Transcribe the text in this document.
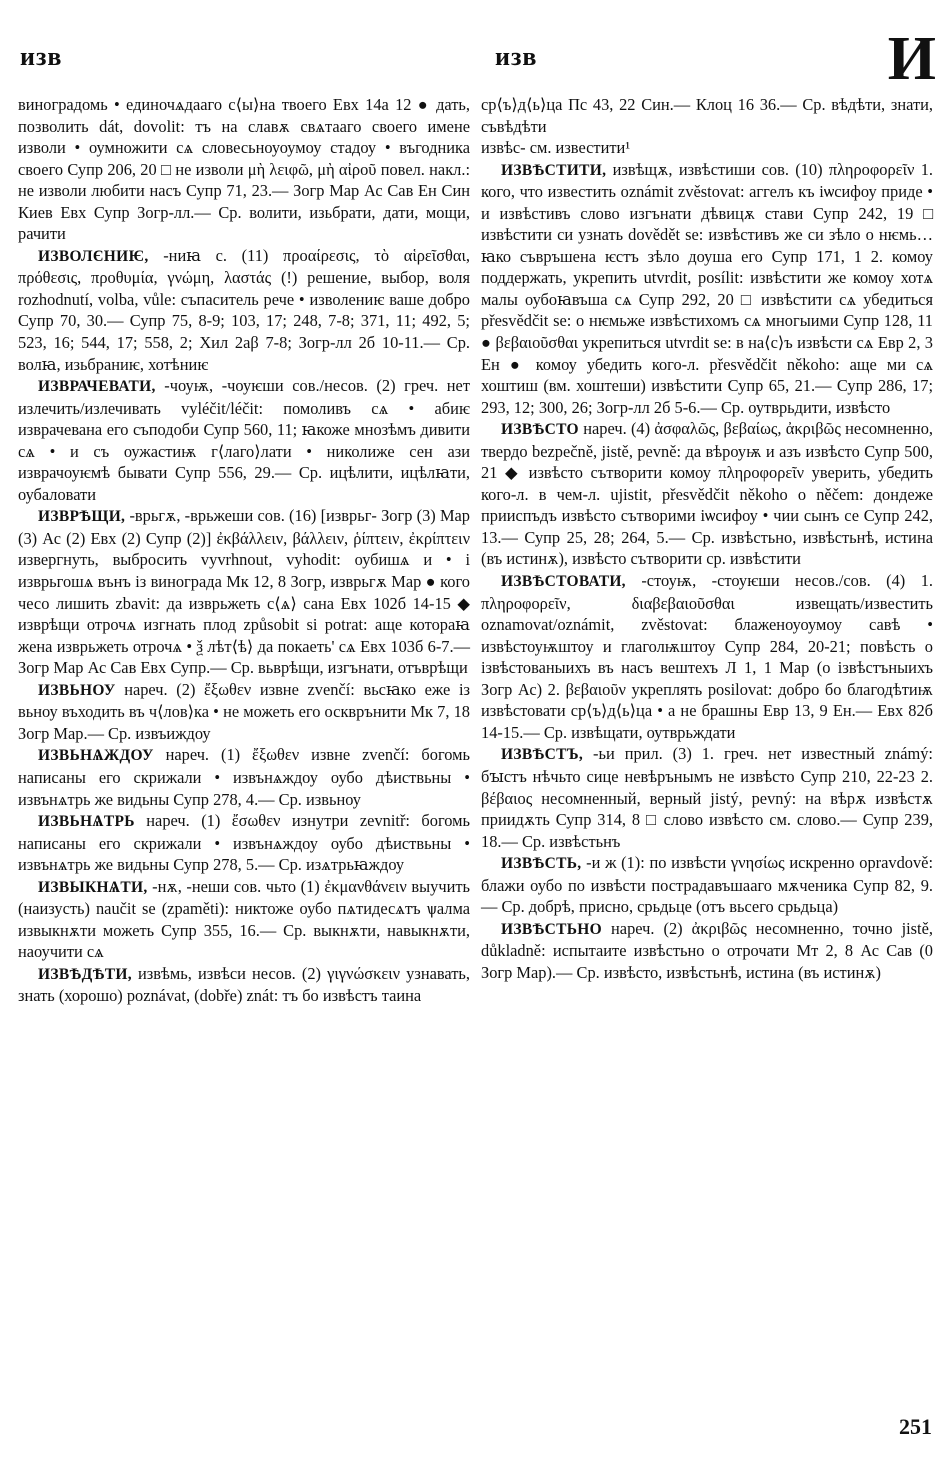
изв	изв	И

виноградомь • единочѧдааго с⟨ы⟩на твоего Евх 14а 12 ● дать, позволить dát, dovolit: тъ на славѫ свѧтааго своего имене изволи • оумножити сѧ словесьноуоумоу стадоу • въгодника своего Супр 206, 20 □ не изволи μὴ λειφῶ, μὴ αἰροῦ повел. накл.: не изволи любити насъ Супр 71, 23.— Зогр Мар Ас Сав Ен Син Киев Евх Супр Зогр-лл.— Ср. волити, изьбрати, дати, мощи, рачити

ИЗВОЛЄНИѤ, -ниꙗ с. (11) προαίρεσις, τὸ αἱρεῖσθαι, πρόθεσις, προθυμία, γνώμη, λαστάς (!) решение, выбор, воля rozhodnutí, volba, vůle: съпаситель рече • изволениѥ ваше добро Супр 70, 30.— Супр 75, 8-9; 103, 17; 248, 7-8; 371, 11; 492, 5; 523, 16; 544, 17; 558, 2; Хил 2аβ 7-8; Зогр-лл 2б 10-11.— Ср. волꙗ, изьбраниѥ, хотѣниѥ

ИЗВРАЧЕВАТИ, -чоуѭ, -чоуѥши сов./несов. (2) греч. нет излечить/излечивать vyléčit/léčit: помоливъ сѧ • абиѥ изврачевана его съподоби Супр 560, 11; ꙗкоже мнозѣмъ дивити сѧ • и съ оужастиѭ г⟨лаго⟩лати • николиже сен ази изврачоуѥмѣ бывати Супр 556, 29.— Ср. ицѣлити, ицѣлꙗти, оубаловати

ИЗВРѢЩИ, -врьгѫ, -врьжеши сов. (16) [изврьг- Зогр (3) Мар (3) Ас (2) Евх (2) Супр (2)] ἐκβάλλειν, βάλλειν, ῥίπτειν, ἐκρίπτειν извергнуть, выбросить vyvrhnout, vyhodit: оубишѧ и • і изврьгошѧ вънъ із винограда Мк 12, 8 Зогр, изврьгѫ Мар ● кого чесо лишить zbavit: да изврьжеть с⟨ѧ⟩ сана Евх 102б 14-15 ◆ изврѣщи отрочѧ изгнать плод způsobit si potrat: аще котораꙗ жена изврьжеть отрочѧ • ѯ лѣт⟨ѣ⟩ да покаеть' сѧ Евх 103б 6-7.— Зогр Мар Ас Сав Евх Супр.— Ср. вьврѣщи, изгънати, отъврѣщи

ИЗВЬНОУ нареч. (2) ἔξωθεν извне zvenčí: вьсꙗко еже із вьноу въходить въ ч⟨лов⟩ка • не можеть его оскврънити Мк 7, 18 Зогр Мар.— Ср. извъиждоу

ИЗВЬНѦЖДОУ нареч. (1) ἔξωθεν извне zvenčí: богомь написаны его скрижали • извънѧждоу оубо дѣиствьны • извънѧтрь же видьны Супр 278, 4.— Ср. извьноу

ИЗВЬНѦТРЬ нареч. (1) ἔσωθεν изнутри zevnitř: богомь написаны его скрижали • извънѧждоу оубо дѣиствьны • извънѧтрь же видьны Супр 278, 5.— Ср. изѧтрьꙗждоу

ИЗВЫКНѦТИ, -нѫ, -неши сов. чьто (1) ἐκμανθάνειν выучить (наизусть) naučit se (zpaměti): никтоже оубо пѧтидесѧтъ ѱалма извыкнѫти можеть Супр 355, 16.— Ср. выкнѫти, навыкнѫти, наоучити сѧ

ИЗВѢДѢТИ, извѣмь, извѣси несов. (2) γιγνώσκειν узнавать, знать (хорошо) poznávat, (dobře) znát: тъ бо извѣстъ таина

ср⟨ъ⟩д⟨ь⟩ца Пс 43, 22 Син.— Клоц 16 36.— Ср. вѣдѣти, знати, съвѣдѣти

извѣс- см. известити¹

ИЗВѢСТИТИ, извѣщѫ, извѣстиши сов. (10) πληροφορεῖν 1. кого, что известить oznámit zvěstovat: аггелъ къ іѡсифоу приде • и извѣстивъ слово изгънати дѣвицѫ стави Супр 242, 19 □ извѣстити си узнать dovědět se: извѣстивъ же си зѣло о нѥмь… ꙗко съвръшена ѥстъ зѣло доуша его Супр 171, 1 2. комоу поддержать, укрепить utvrdit, posílit: извѣстити же комоу хотѧ малы оубоꙗвъша сѧ Супр 292, 20 □ извѣстити сѧ убедиться přesvědčit se: о нѥмьже извѣстихомъ сѧ многыими Супр 128, 11 ● βεβαιοῦσθαι укрепиться utvrdit se: в на⟨с⟩ъ извѣсти сѧ Евр 2, 3 Ен ● комоу убедить кого-л. přesvědčit někoho: аще ми сѧ хоштиш (вм. хоштеши) извѣстити Супр 65, 21.— Супр 286, 17; 293, 12; 300, 26; Зогр-лл 2б 5-6.— Ср. оутврьдити, извѣсто

ИЗВѢСТО нареч. (4) ἀσφαλῶς, βεβαίως, ἀκριβῶς несомненно, твердо bezpečně, jistě, pevně: да вѣроуѭ и азъ извѣсто Супр 500, 21 ◆ извѣсто сътворити комоу πληροφορεῖν уверить, убедить кого-л. в чем-л. ujistit, přesvědčit někoho o něčem: дондеже прииспъдъ извѣсто сътворими іѡсифоу • чии сынъ се Супр 242, 13.— Супр 25, 28; 264, 5.— Ср. извѣстьно, извѣстьнѣ, истина (въ истинѫ), извѣсто сътворити ср. извѣстити

ИЗВѢСТОВАТИ, -стоуѭ, -стоуѥши несов./сов. (4) 1. πληροφορεῖν, διαβεβαιοῦσθαι извещать/известить oznamovat/oznámit, zvěstovat: блаженоуоумоу савѣ • извѣстоуѭштоу и глаголѭштоу Супр 284, 20-21; повѣсть о ізвѣстованыихъ въ насъ вештехъ Л 1, 1 Мар (о ізвѣстъныихъ Зогр Ас) 2. βεβαιοῦν укреплять posilovat: добро бо благодѣтиѭ извѣстовати ср⟨ъ⟩д⟨ь⟩ца • а не брашны Евр 13, 9 Ен.— Евх 82б 14-15.— Ср. извѣщати, оутврьждати

ИЗВѢСТЪ, -ьи прил. (3) 1. греч. нет известный známý: бꙑстъ нѣчьто сице невѣрънымъ не извѣсто Супр 210, 22-23 2. βέβαιος несомненный, верный jistý, pevný: на вѣрѫ извѣстѫ приидѫть Супр 314, 8 □ слово извѣсто см. слово.— Супр 239, 18.— Ср. извѣстьнъ

ИЗВѢСТЬ, -и ж (1): по извѣсти γνησίως искренно opravdově: блажи оубо по извѣсти пострадавъшааго мѫченика Супр 82, 9.— Ср. добрѣ, присно, срьдьце (отъ вьсего срьдьца)

ИЗВѢСТЬНО нареч. (2) ἀκριβῶς несомненно, точно jistě, důkladně: испытаите извѣстьно о отрочати Мт 2, 8 Ас Сав (0 Зогр Мар).— Ср. извѣсто, извѣстьнѣ, истина (въ истинѫ)

251
